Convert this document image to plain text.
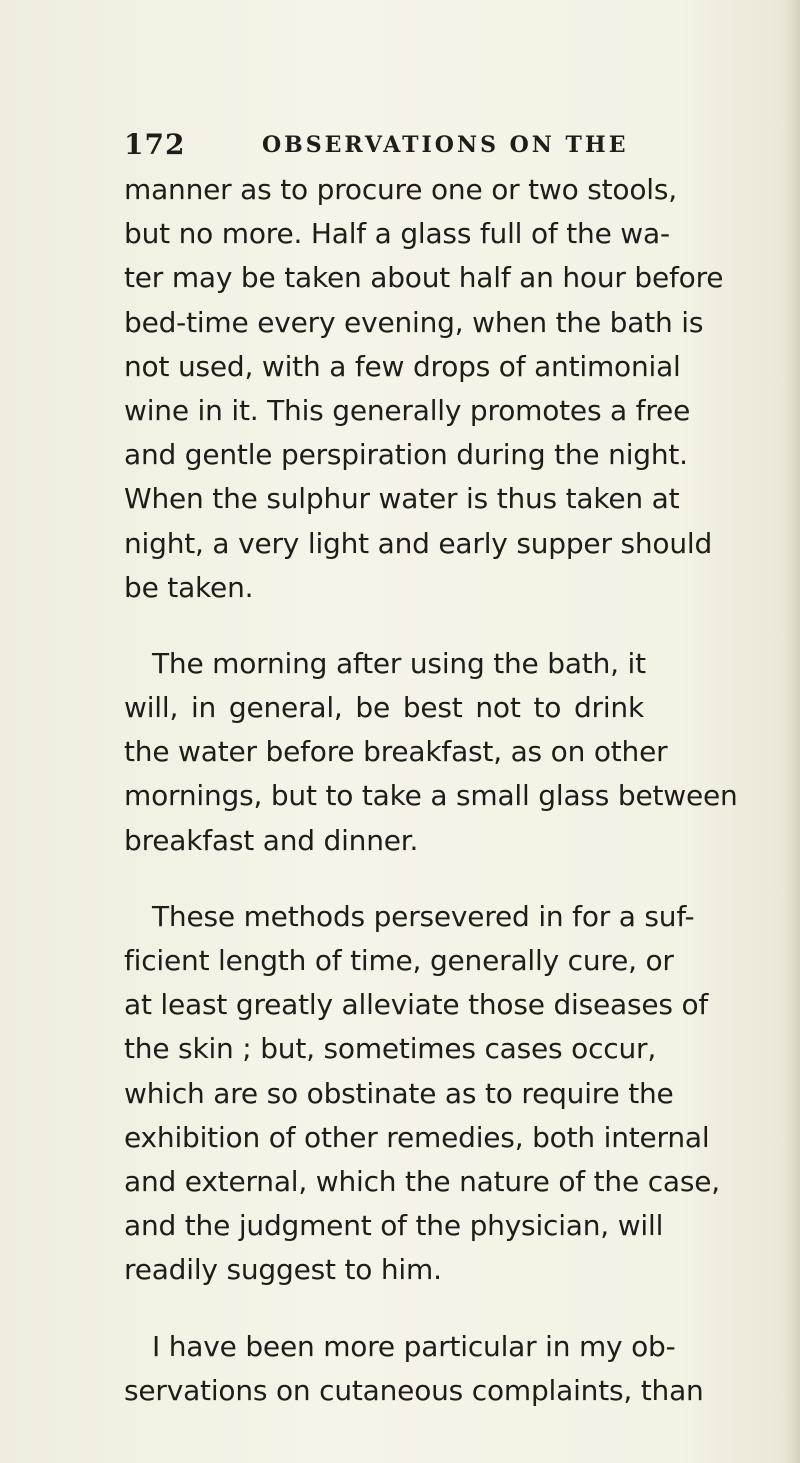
172	OBSERVATIONS ON THE
manner as to procure one or two stools,
but no more. Half a glass full of the wa-
ter may be taken about half an hour before
bed-time every evening, when the bath is
not used, with a few drops of antimonial
wine in it. This generally promotes a free
and gentle perspiration during the night.
When the sulphur water is thus taken at
night, a very light and early supper should
be taken.
The morning after using the bath, it
will, in general, be best not to drink
the water before breakfast, as on other
mornings, but to take a small glass between
breakfast and dinner.
These methods persevered in for a suf-
ficient length of time, generally cure, or
at least greatly alleviate those diseases of
the skin ; but, sometimes cases occur,
which are so obstinate as to require the
exhibition of other remedies, both internal
and external, which the nature of the case,
and the judgment of the physician, will
readily suggest to him.
I have been more particular in my ob-
servations on cutaneous complaints, than
